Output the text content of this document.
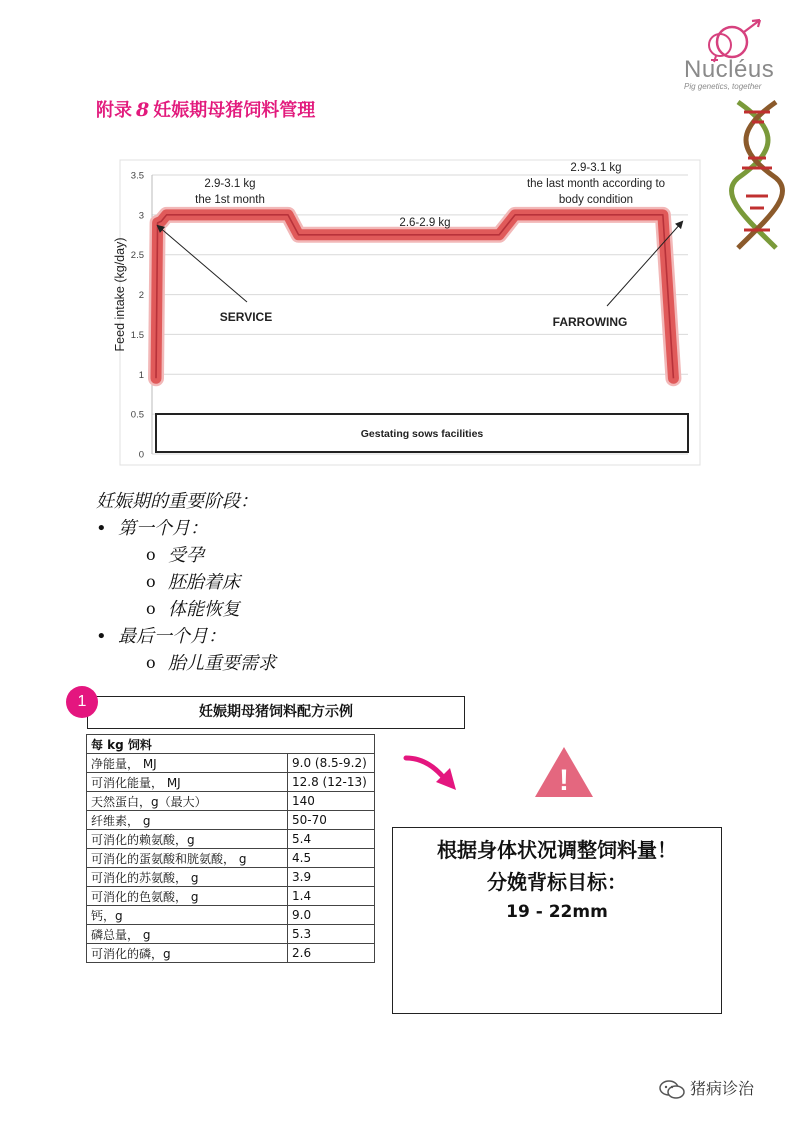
Nucléus
Pig genetics, together
附录 8 妊娠期母猪饲料管理
0
0.5
1
1.5
2
2.5
3
3.5
Feed intake (kg/day)
Gestating sows facilities
2.9-3.1 kg
the 1st month
2.6-2.9 kg
2.9-3.1 kg
the last month according to
body condition
SERVICE	FARROWING
妊娠期的重要阶段：
• 第一个月：
o 受孕
o 胚胎着床
o 体能恢复
• 最后一个月：
o 胎儿重要需求
妊娠期母猪饲料配方示例
1
每 kg 饲料	
净能量， MJ	9.0 (8.5-9.2)
可消化能量， MJ	12.8 (12-13)
天然蛋白，g（最大）	140
纤维素， g	50-70
可消化的赖氨酸，g	5.4
可消化的蛋氨酸和胱氨酸， g	4.5
可消化的苏氨酸， g	3.9
可消化的色氨酸， g	1.4
钙，g	9.0
磷总量， g	5.3
可消化的磷，g	2.6
!
根据身体状况调整饲料量！
分娩背标目标：
19 - 22mm
猪病诊治
